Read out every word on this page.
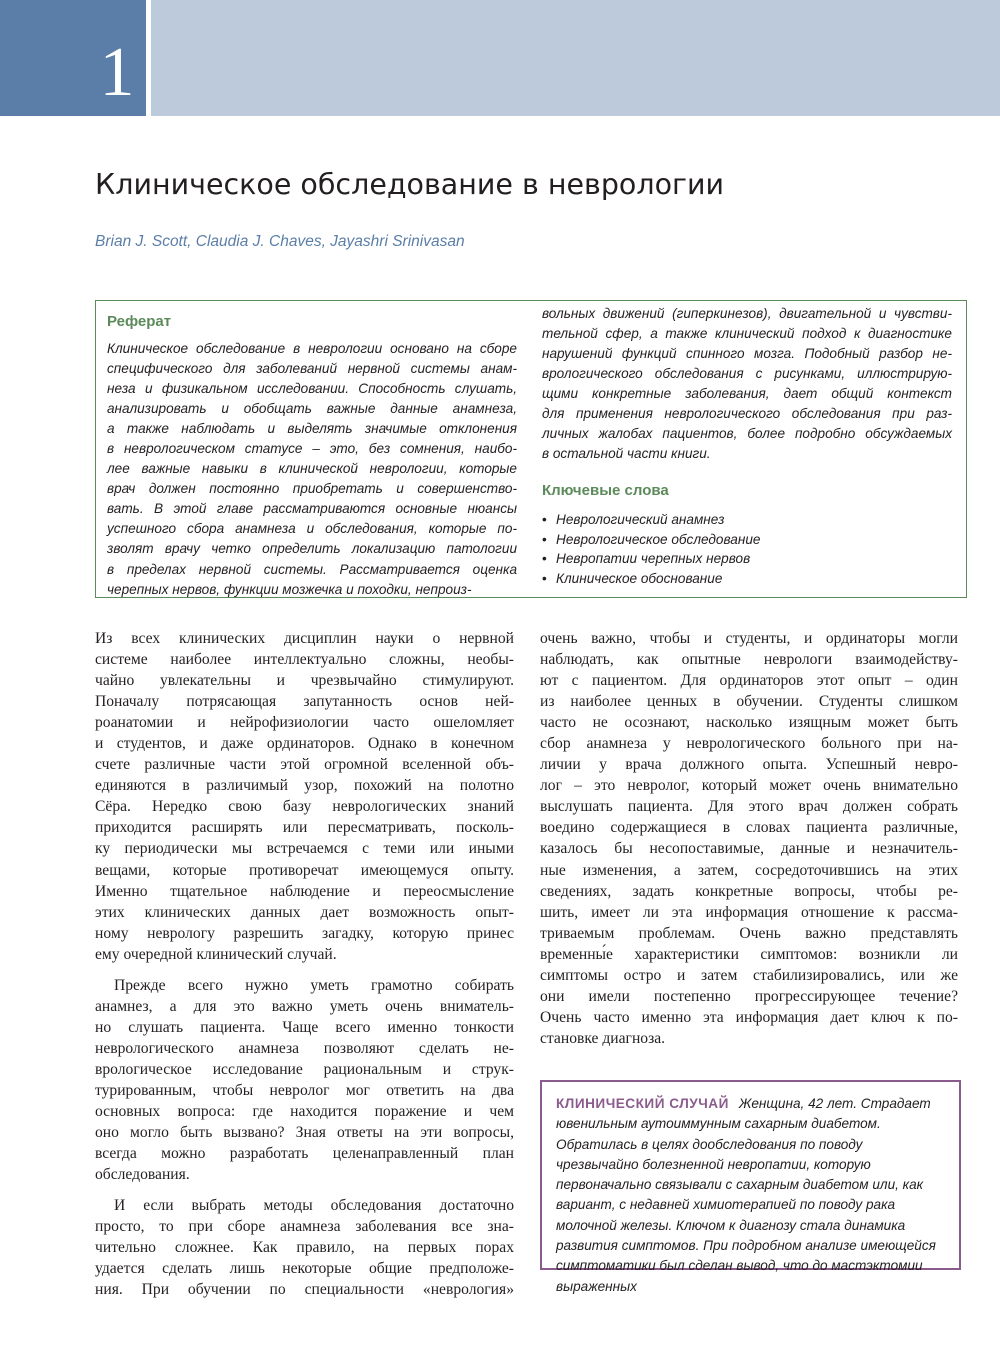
1
Клиническое обследование в неврологии
Brian J. Scott, Claudia J. Chaves, Jayashri Srinivasan
Реферат
Клиническое обследование в неврологии основано на сборе
специфического для заболеваний нервной системы анам-
неза и физикальном исследовании. Способность слушать,
анализировать и обобщать важные данные анамнеза,
а также наблюдать и выделять значимые отклонения
в неврологическом статусе – это, без сомнения, наибо-
лее важные навыки в клинической неврологии, которые
врач должен постоянно приобретать и совершенство-
вать. В этой главе рассматриваются основные нюансы
успешного сбора анамнеза и обследования, которые по-
зволят врачу четко определить локализацию патологии
в пределах нервной системы. Рассматривается оценка
черепных нервов, функции мозжечка и походки, непроиз-
вольных движений (гиперкинезов), двигательной и чувстви-
тельной сфер, а также клинический подход к диагностике
нарушений функций спинного мозга. Подобный разбор не-
врологического обследования с рисунками, иллюстрирую-
щими конкретные заболевания, дает общий контекст
для применения неврологического обследования при раз-
личных жалобах пациентов, более подробно обсуждаемых
в остальной части книги.
Ключевые слова
• Неврологический анамнез
• Неврологическое обследование
• Невропатии черепных нервов
• Клиническое обоснование
Из всех клинических дисциплин науки о нервной
системе наиболее интеллектуально сложны, необы-
чайно увлекательны и чрезвычайно стимулируют.
Поначалу потрясающая запутанность основ ней-
роанатомии и нейрофизиологии часто ошеломляет
и студентов, и даже ординаторов. Однако в конечном
счете различные части этой огромной вселенной объ-
единяются в различимый узор, похожий на полотно
Сёра. Нередко свою базу неврологических знаний
приходится расширять или пересматривать, посколь-
ку периодически мы встречаемся с теми или иными
вещами, которые противоречат имеющемуся опыту.
Именно тщательное наблюдение и переосмысление
этих клинических данных дает возможность опыт-
ному неврологу разрешить загадку, которую принес
ему очередной клинический случай.
Прежде всего нужно уметь грамотно собирать
анамнез, а для это важно уметь очень вниматель-
но слушать пациента. Чаще всего именно тонкости
неврологического анамнеза позволяют сделать не-
врологическое исследование рациональным и струк-
турированным, чтобы невролог мог ответить на два
основных вопроса: где находится поражение и чем
оно могло быть вызвано? Зная ответы на эти вопросы,
всегда можно разработать целенаправленный план
обследования.
И если выбрать методы обследования достаточно
просто, то при сборе анамнеза заболевания все зна-
чительно сложнее. Как правило, на первых порах
удается сделать лишь некоторые общие предположе-
ния. При обучении по специальности «неврология»
очень важно, чтобы и студенты, и ординаторы могли
наблюдать, как опытные неврологи взаимодейству-
ют с пациентом. Для ординаторов этот опыт – один
из наиболее ценных в обучении. Студенты слишком
часто не осознают, насколько изящным может быть
сбор анамнеза у неврологического больного при на-
личии у врача должного опыта. Успешный невро-
лог – это невролог, который может очень внимательно
выслушать пациента. Для этого врач должен собрать
воедино содержащиеся в словах пациента различные,
казалось бы несопоставимые, данные и незначитель-
ные изменения, а затем, сосредоточившись на этих
сведениях, задать конкретные вопросы, чтобы ре-
шить, имеет ли эта информация отношение к рассма-
триваемым проблемам. Очень важно представлять
временны́е характеристики симптомов: возникли ли
симптомы остро и затем стабилизировались, или же
они имели постепенно прогрессирующее течение?
Очень часто именно эта информация дает ключ к по-
становке диагноза.
КЛИНИЧЕСКИЙ СЛУЧАЙ Женщина, 42 лет. Страдает ювенильным аутоиммунным сахарным диабетом. Обратилась в целях дообследования по поводу чрезвычайно болезненной невропатии, которую первоначально связывали с сахарным диабетом или, как вариант, с недавней химиотерапией по поводу рака молочной железы. Ключом к диагнозу стала динамика развития симптомов. При подробном анализе имеющейся симптоматики был сделан вывод, что до мастэктомии выраженных
